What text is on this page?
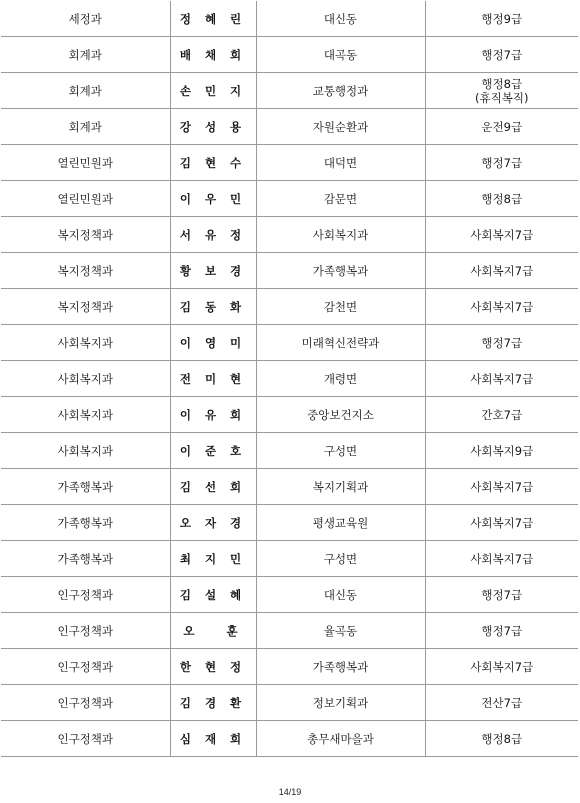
세정과	정 혜 린	대신동	행정9급

회계과	배 채 희	대곡동	행정7급

회계과	손 민 지	교통행정과	행정8급
(휴직복직)

회계과	강 성 용	자원순환과	운전9급

열린민원과	김 현 수	대덕면	행정7급

열린민원과	이 우 민	감문면	행정8급

복지정책과	서 유 정	사회복지과	사회복지7급

복지정책과	황 보 경	가족행복과	사회복지7급

복지정책과	김 동 화	감천면	사회복지7급

사회복지과	이 영 미	미래혁신전략과	행정7급

사회복지과	전 미 현	개령면	사회복지7급

사회복지과	이 유 희	중앙보건지소	간호7급

사회복지과	이 준 호	구성면	사회복지9급

가족행복과	김 선 희	복지기획과	사회복지7급

가족행복과	오 자 경	평생교육원	사회복지7급

가족행복과	최 지 민	구성면	사회복지7급

인구정책과	김 설 혜	대신동	행정7급

인구정책과	오   훈	율곡동	행정7급

인구정책과	한 현 정	가족행복과	사회복지7급

인구정책과	김 경 환	정보기획과	전산7급

인구정책과	심 재 희	총무새마을과	행정8급
14/19
